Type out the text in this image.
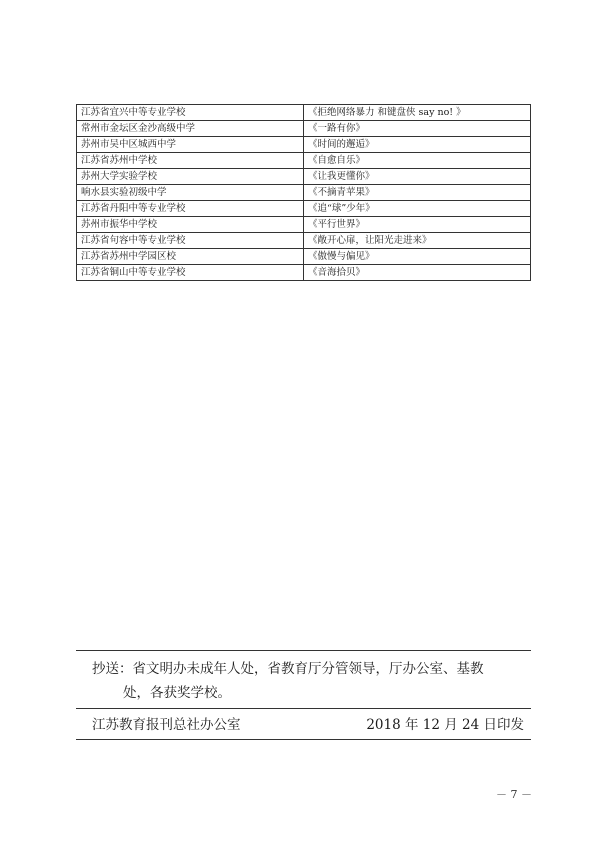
江苏省宜兴中等专业学校	《拒绝网络暴力 和键盘侠 say no! 》
常州市金坛区金沙高级中学	《一路有你》
苏州市吴中区城西中学	《时间的邂逅》
江苏省苏州中学校	《自愈自乐》
苏州大学实验学校	《让我更懂你》
响水县实验初级中学	《不摘青苹果》
江苏省丹阳中等专业学校	《追“球”少年》
苏州市振华中学校	《平行世界》
江苏省句容中等专业学校	《敞开心扉，让阳光走进来》
江苏省苏州中学园区校	《傲慢与偏见》
江苏省铜山中等专业学校	《音海拾贝》
抄送：省文明办未成年人处，省教育厅分管领导，厅办公室、基教
处，各获奖学校。
江苏教育报刊总社办公室	2018 年 12 月 24 日印发
－ 7 －
